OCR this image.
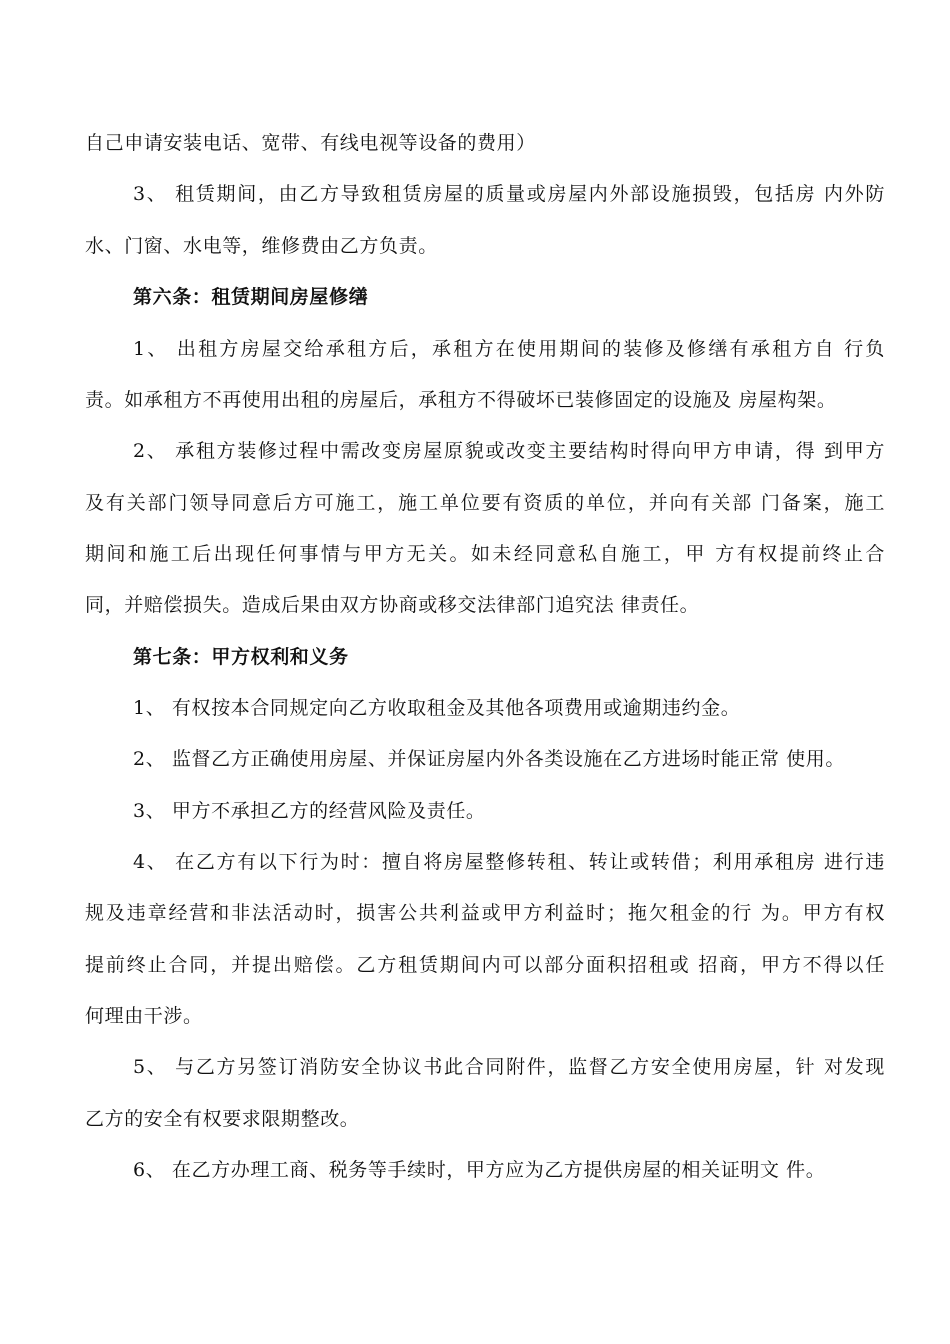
自己申请安装电话、宽带、有线电视等设备的费用）
3、 租赁期间，由乙方导致租赁房屋的质量或房屋内外部设施损毁，包括房 内外防
水、门窗、水电等，维修费由乙方负责。
第六条：租赁期间房屋修缮
1、 出租方房屋交给承租方后，承租方在使用期间的装修及修缮有承租方自 行负
责。如承租方不再使用出租的房屋后，承租方不得破坏已装修固定的设施及 房屋构架。
2、 承租方装修过程中需改变房屋原貌或改变主要结构时得向甲方申请，得 到甲方
及有关部门领导同意后方可施工，施工单位要有资质的单位，并向有关部 门备案，施工
期间和施工后出现任何事情与甲方无关。如未经同意私自施工，甲 方有权提前终止合
同，并赔偿损失。造成后果由双方协商或移交法律部门追究法 律责任。
第七条：甲方权利和义务
1、 有权按本合同规定向乙方收取租金及其他各项费用或逾期违约金。
2、 监督乙方正确使用房屋、并保证房屋内外各类设施在乙方进场时能正常 使用。
3、 甲方不承担乙方的经营风险及责任。
4、 在乙方有以下行为时：擅自将房屋整修转租、转让或转借；利用承租房 进行违
规及违章经营和非法活动时，损害公共利益或甲方利益时；拖欠租金的行 为。甲方有权
提前终止合同，并提出赔偿。乙方租赁期间内可以部分面积招租或 招商，甲方不得以任
何理由干涉。
5、 与乙方另签订消防安全协议书此合同附件，监督乙方安全使用房屋，针 对发现
乙方的安全有权要求限期整改。
6、 在乙方办理工商、税务等手续时，甲方应为乙方提供房屋的相关证明文 件。
